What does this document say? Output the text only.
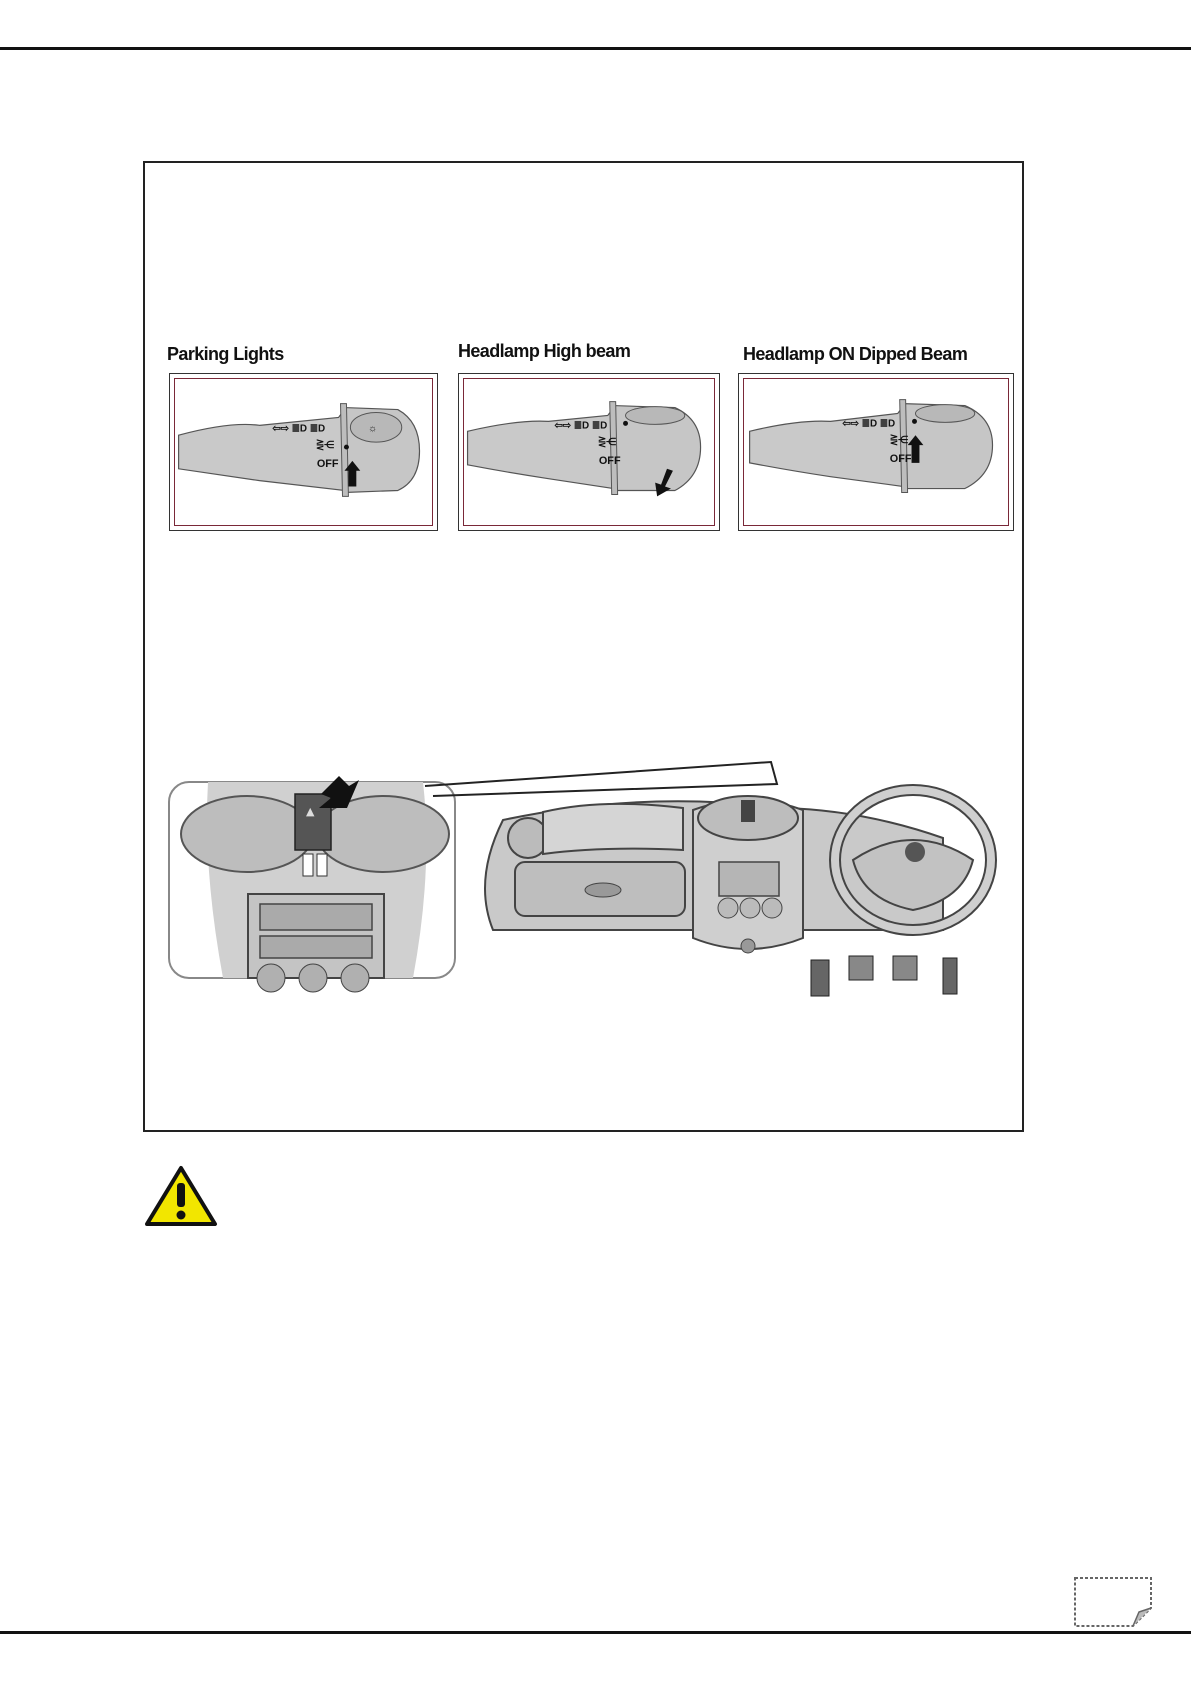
Parking Lights	Headlamp High beam	Headlamp ON Dipped Beam
☼
⇦⇨ ≣D ≣D
⋛⋲
OFF
⇦⇨ ≣D ≣D
⋛⋲
OFF
⇦⇨ ≣D ≣D
⋛⋲
OFF
▲
